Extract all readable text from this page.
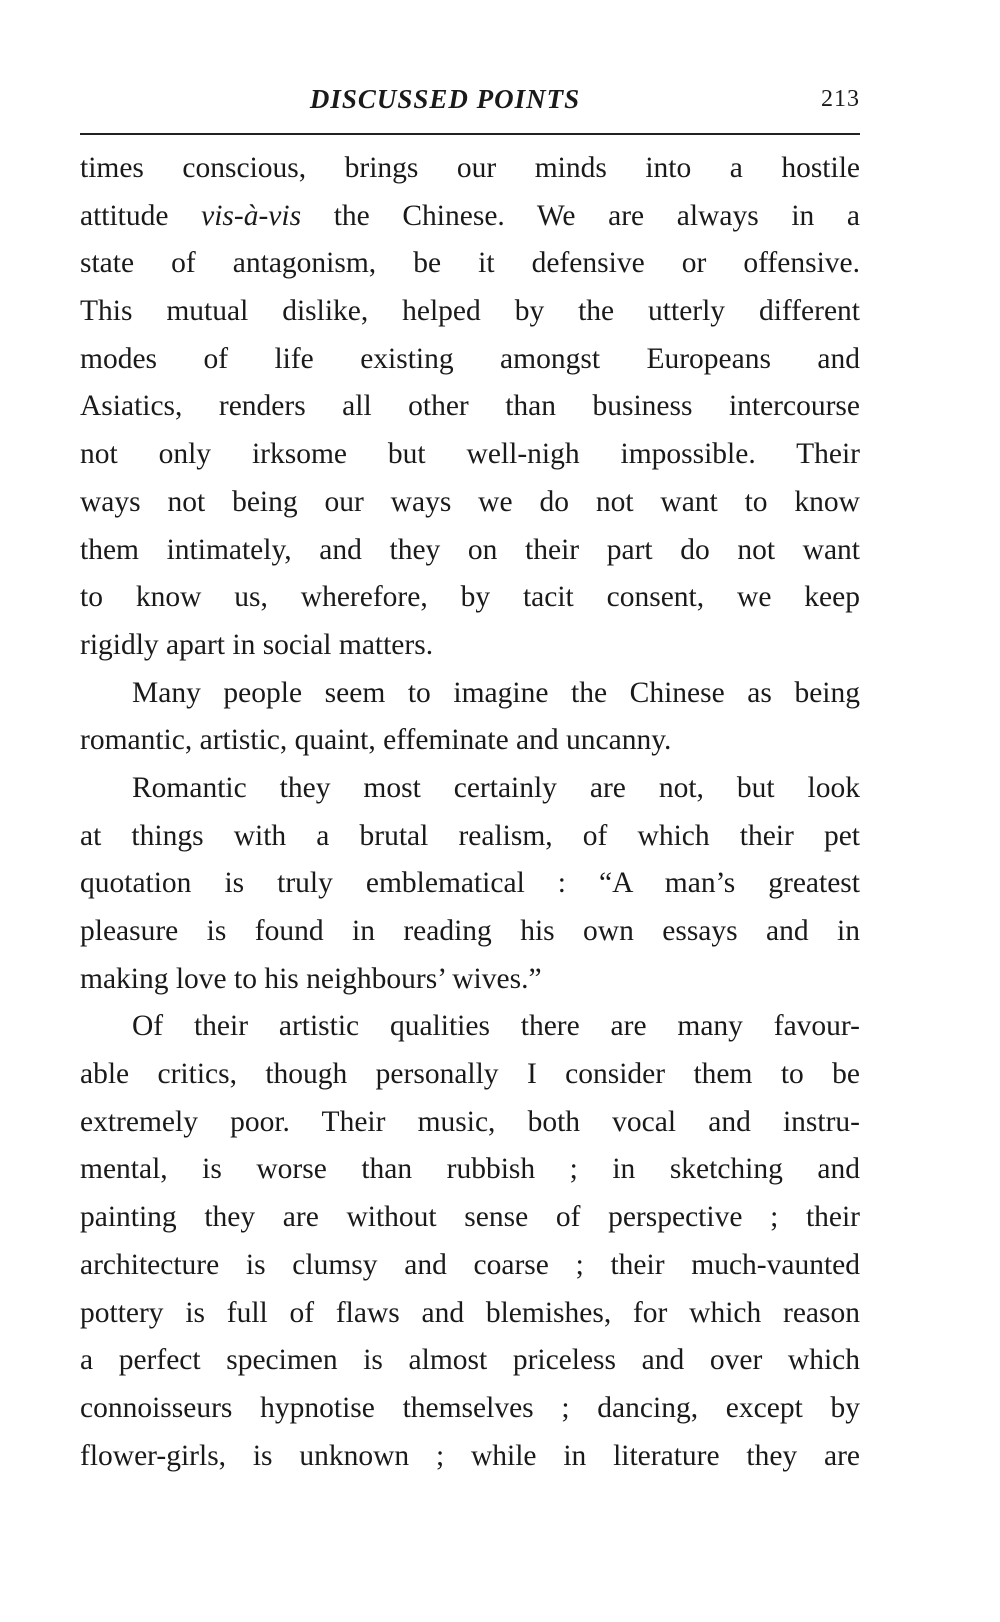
DISCUSSED POINTS	213
times conscious, brings our minds into a hostile
attitude vis-à-vis the Chinese. We are always in a
state of antagonism, be it defensive or offensive.
This mutual dislike, helped by the utterly different
modes of life existing amongst Europeans and
Asiatics, renders all other than business intercourse
not only irksome but well-nigh impossible. Their
ways not being our ways we do not want to know
them intimately, and they on their part do not want
to know us, wherefore, by tacit consent, we keep
rigidly apart in social matters.
Many people seem to imagine the Chinese as being
romantic, artistic, quaint, effeminate and uncanny.
Romantic they most certainly are not, but look
at things with a brutal realism, of which their pet
quotation is truly emblematical : “A man’s greatest
pleasure is found in reading his own essays and in
making love to his neighbours’ wives.”
Of their artistic qualities there are many favour-
able critics, though personally I consider them to be
extremely poor. Their music, both vocal and instru-
mental, is worse than rubbish ; in sketching and
painting they are without sense of perspective ; their
architecture is clumsy and coarse ; their much-vaunted
pottery is full of flaws and blemishes, for which reason
a perfect specimen is almost priceless and over which
connoisseurs hypnotise themselves ; dancing, except by
flower-girls, is unknown ; while in literature they are
